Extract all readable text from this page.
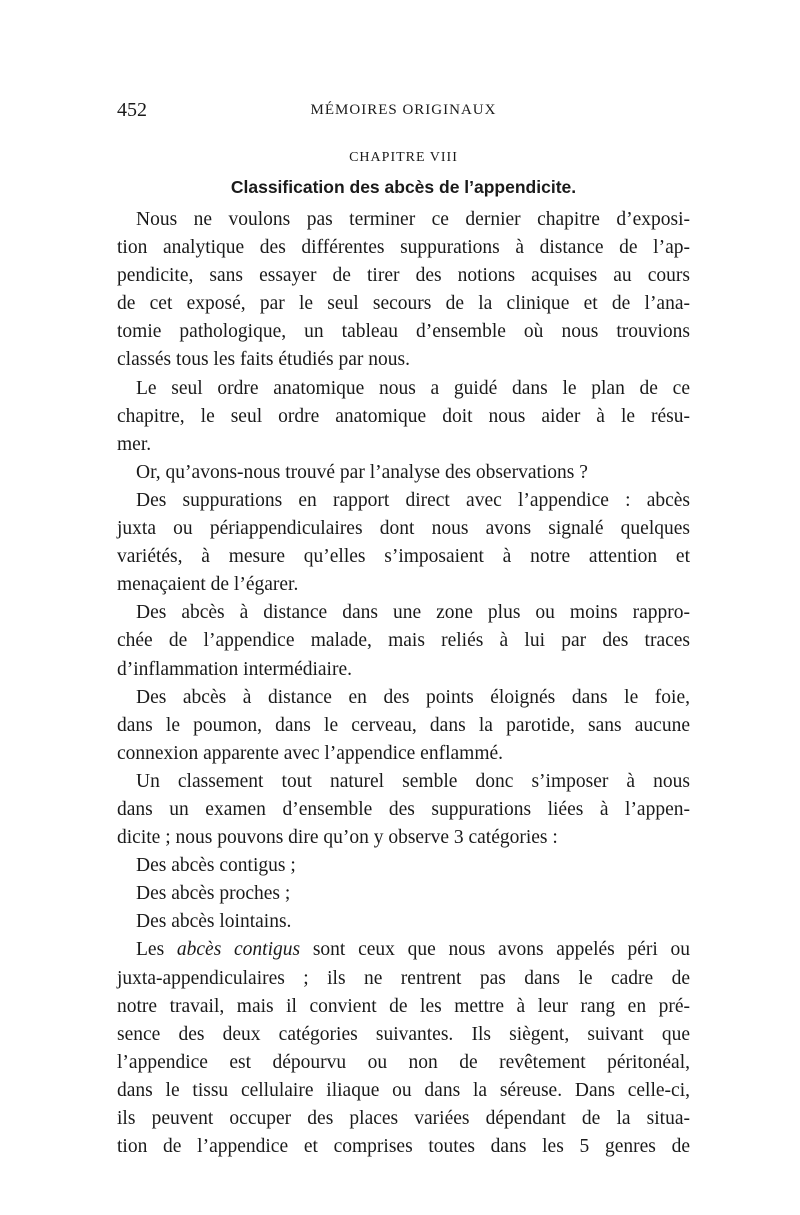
452	MÉMOIRES ORIGINAUX
CHAPITRE VIII
Classification des abcès de l’appendicite.
Nous ne voulons pas terminer ce dernier chapitre d’exposi-
tion analytique des différentes suppurations à distance de l’ap-
pendicite, sans essayer de tirer des notions acquises au cours
de cet exposé, par le seul secours de la clinique et de l’ana-
tomie pathologique, un tableau d’ensemble où nous trouvions
classés tous les faits étudiés par nous.
Le seul ordre anatomique nous a guidé dans le plan de ce
chapitre, le seul ordre anatomique doit nous aider à le résu-
mer.
Or, qu’avons-nous trouvé par l’analyse des observations ?
Des suppurations en rapport direct avec l’appendice : abcès
juxta ou périappendiculaires dont nous avons signalé quelques
variétés, à mesure qu’elles s’imposaient à notre attention et
menaçaient de l’égarer.
Des abcès à distance dans une zone plus ou moins rappro-
chée de l’appendice malade, mais reliés à lui par des traces
d’inflammation intermédiaire.
Des abcès à distance en des points éloignés dans le foie,
dans le poumon, dans le cerveau, dans la parotide, sans aucune
connexion apparente avec l’appendice enflammé.
Un classement tout naturel semble donc s’imposer à nous
dans un examen d’ensemble des suppurations liées à l’appen-
dicite ; nous pouvons dire qu’on y observe 3 catégories :
Des abcès contigus ;
Des abcès proches ;
Des abcès lointains.
Les abcès contigus sont ceux que nous avons appelés péri ou
juxta-appendiculaires ; ils ne rentrent pas dans le cadre de
notre travail, mais il convient de les mettre à leur rang en pré-
sence des deux catégories suivantes. Ils siègent, suivant que
l’appendice est dépourvu ou non de revêtement péritonéal,
dans le tissu cellulaire iliaque ou dans la séreuse. Dans celle-ci,
ils peuvent occuper des places variées dépendant de la situa-
tion de l’appendice et comprises toutes dans les 5 genres de
